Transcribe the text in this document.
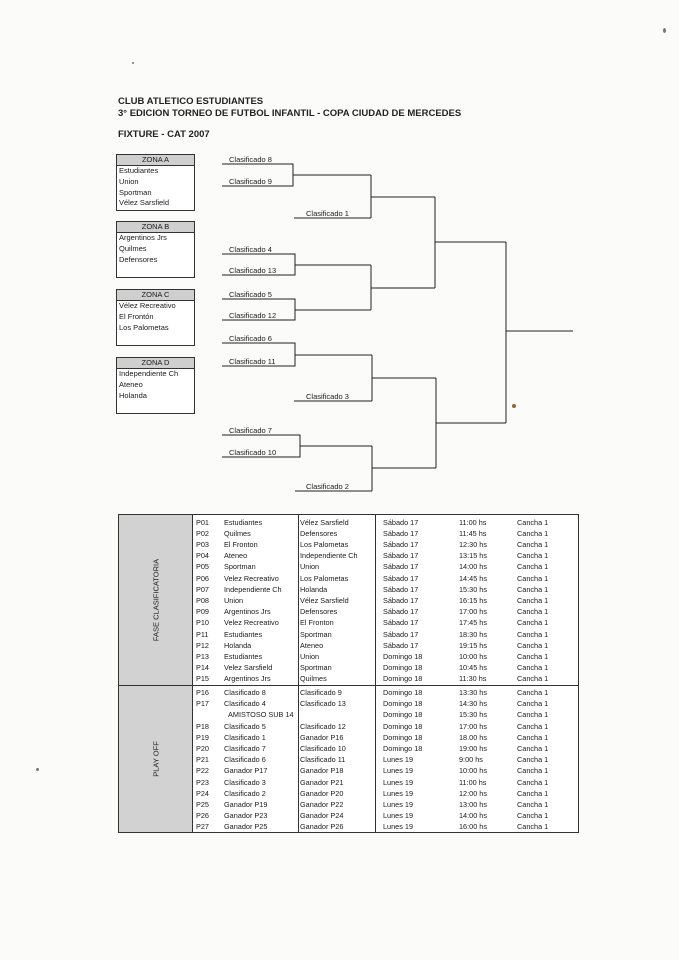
CLUB ATLETICO ESTUDIANTES
3° EDICION TORNEO DE FUTBOL INFANTIL - COPA CIUDAD DE MERCEDES
FIXTURE - CAT 2007
ZONA A
Estudiantes
Union
Sportman
Vélez Sarsfield
ZONA B
Argentinos Jrs
Quilmes
Defensores

ZONA C
Vélez Recreativo
El Frontón
Los Palometas

ZONA D
Independiente Ch
Ateneo
Holanda

Clasificado 8
Clasificado 9
Clasificado 1
Clasificado 4
Clasificado 13
Clasificado 5
Clasificado 12
Clasificado 6
Clasificado 11
Clasificado 3
Clasificado 7
Clasificado 10
Clasificado 2
FASE CLASIFICATORIA
PLAY OFF
P01 Estudiantes	Vélez Sarsfield	Sábado 17	11:00 hs	Cancha 1
P02 Quilmes	Defensores	Sábado 17	11:45 hs	Cancha 1
P03 El Fronton	Los Palometas	Sábado 17	12:30 hs	Cancha 1
P04 Ateneo	Independiente Ch	Sábado 17	13:15 hs	Cancha 1
P05 Sportman	Union	Sábado 17	14:00 hs	Cancha 1
P06 Velez Recreativo	Los Palometas	Sábado 17	14:45 hs	Cancha 1
P07 Independiente Ch	Holanda	Sábado 17	15:30 hs	Cancha 1
P08 Union	Vélez Sarsfield	Sábado 17	16:15 hs	Cancha 1
P09 Argentinos Jrs	Defensores	Sábado 17	17:00 hs	Cancha 1
P10 Velez Recreativo	El Fronton	Sábado 17	17:45 hs	Cancha 1
P11 Estudiantes	Sportman	Sábado 17	18:30 hs	Cancha 1
P12 Holanda	Ateneo	Sábado 17	19:15 hs	Cancha 1
P13 Estudiantes	Union	Domingo 18	10:00 hs	Cancha 1
P14 Velez Sarsfield	Sportman	Domingo 18	10:45 hs	Cancha 1
P15 Argentinos Jrs	Quilmes	Domingo 18	11:30 hs	Cancha 1
P16 Clasificado 8	Clasificado 9	Domingo 18	13:30 hs	Cancha 1
P17 Clasificado 4	Clasificado 13	Domingo 18	14:30 hs	Cancha 1
AMISTOSO SUB 14	Domingo 18	15:30 hs	Cancha 1
P18 Clasificado 5	Clasificado 12	Domingo 18	17:00 hs	Cancha 1
P19 Clasificado 1	Ganador P16	Domingo 18	18.00 hs	Cancha 1
P20 Clasificado 7	Clasificado 10	Domingo 18	19:00 hs	Cancha 1
P21 Clasificado 6	Clasificado 11	Lunes 19	9:00 hs	Cancha 1
P22 Ganador P17	Ganador P18	Lunes 19	10:00 hs	Cancha 1
P23 Clasificado 3	Ganador P21	Lunes 19	11:00 hs	Cancha 1
P24 Clasificado 2	Ganador P20	Lunes 19	12:00 hs	Cancha 1
P25 Ganador P19	Ganador P22	Lunes 19	13:00 hs	Cancha 1
P26 Ganador P23	Ganador P24	Lunes 19	14:00 hs	Cancha 1
P27 Ganador P25	Ganador P26	Lunes 19	16:00 hs	Cancha 1
